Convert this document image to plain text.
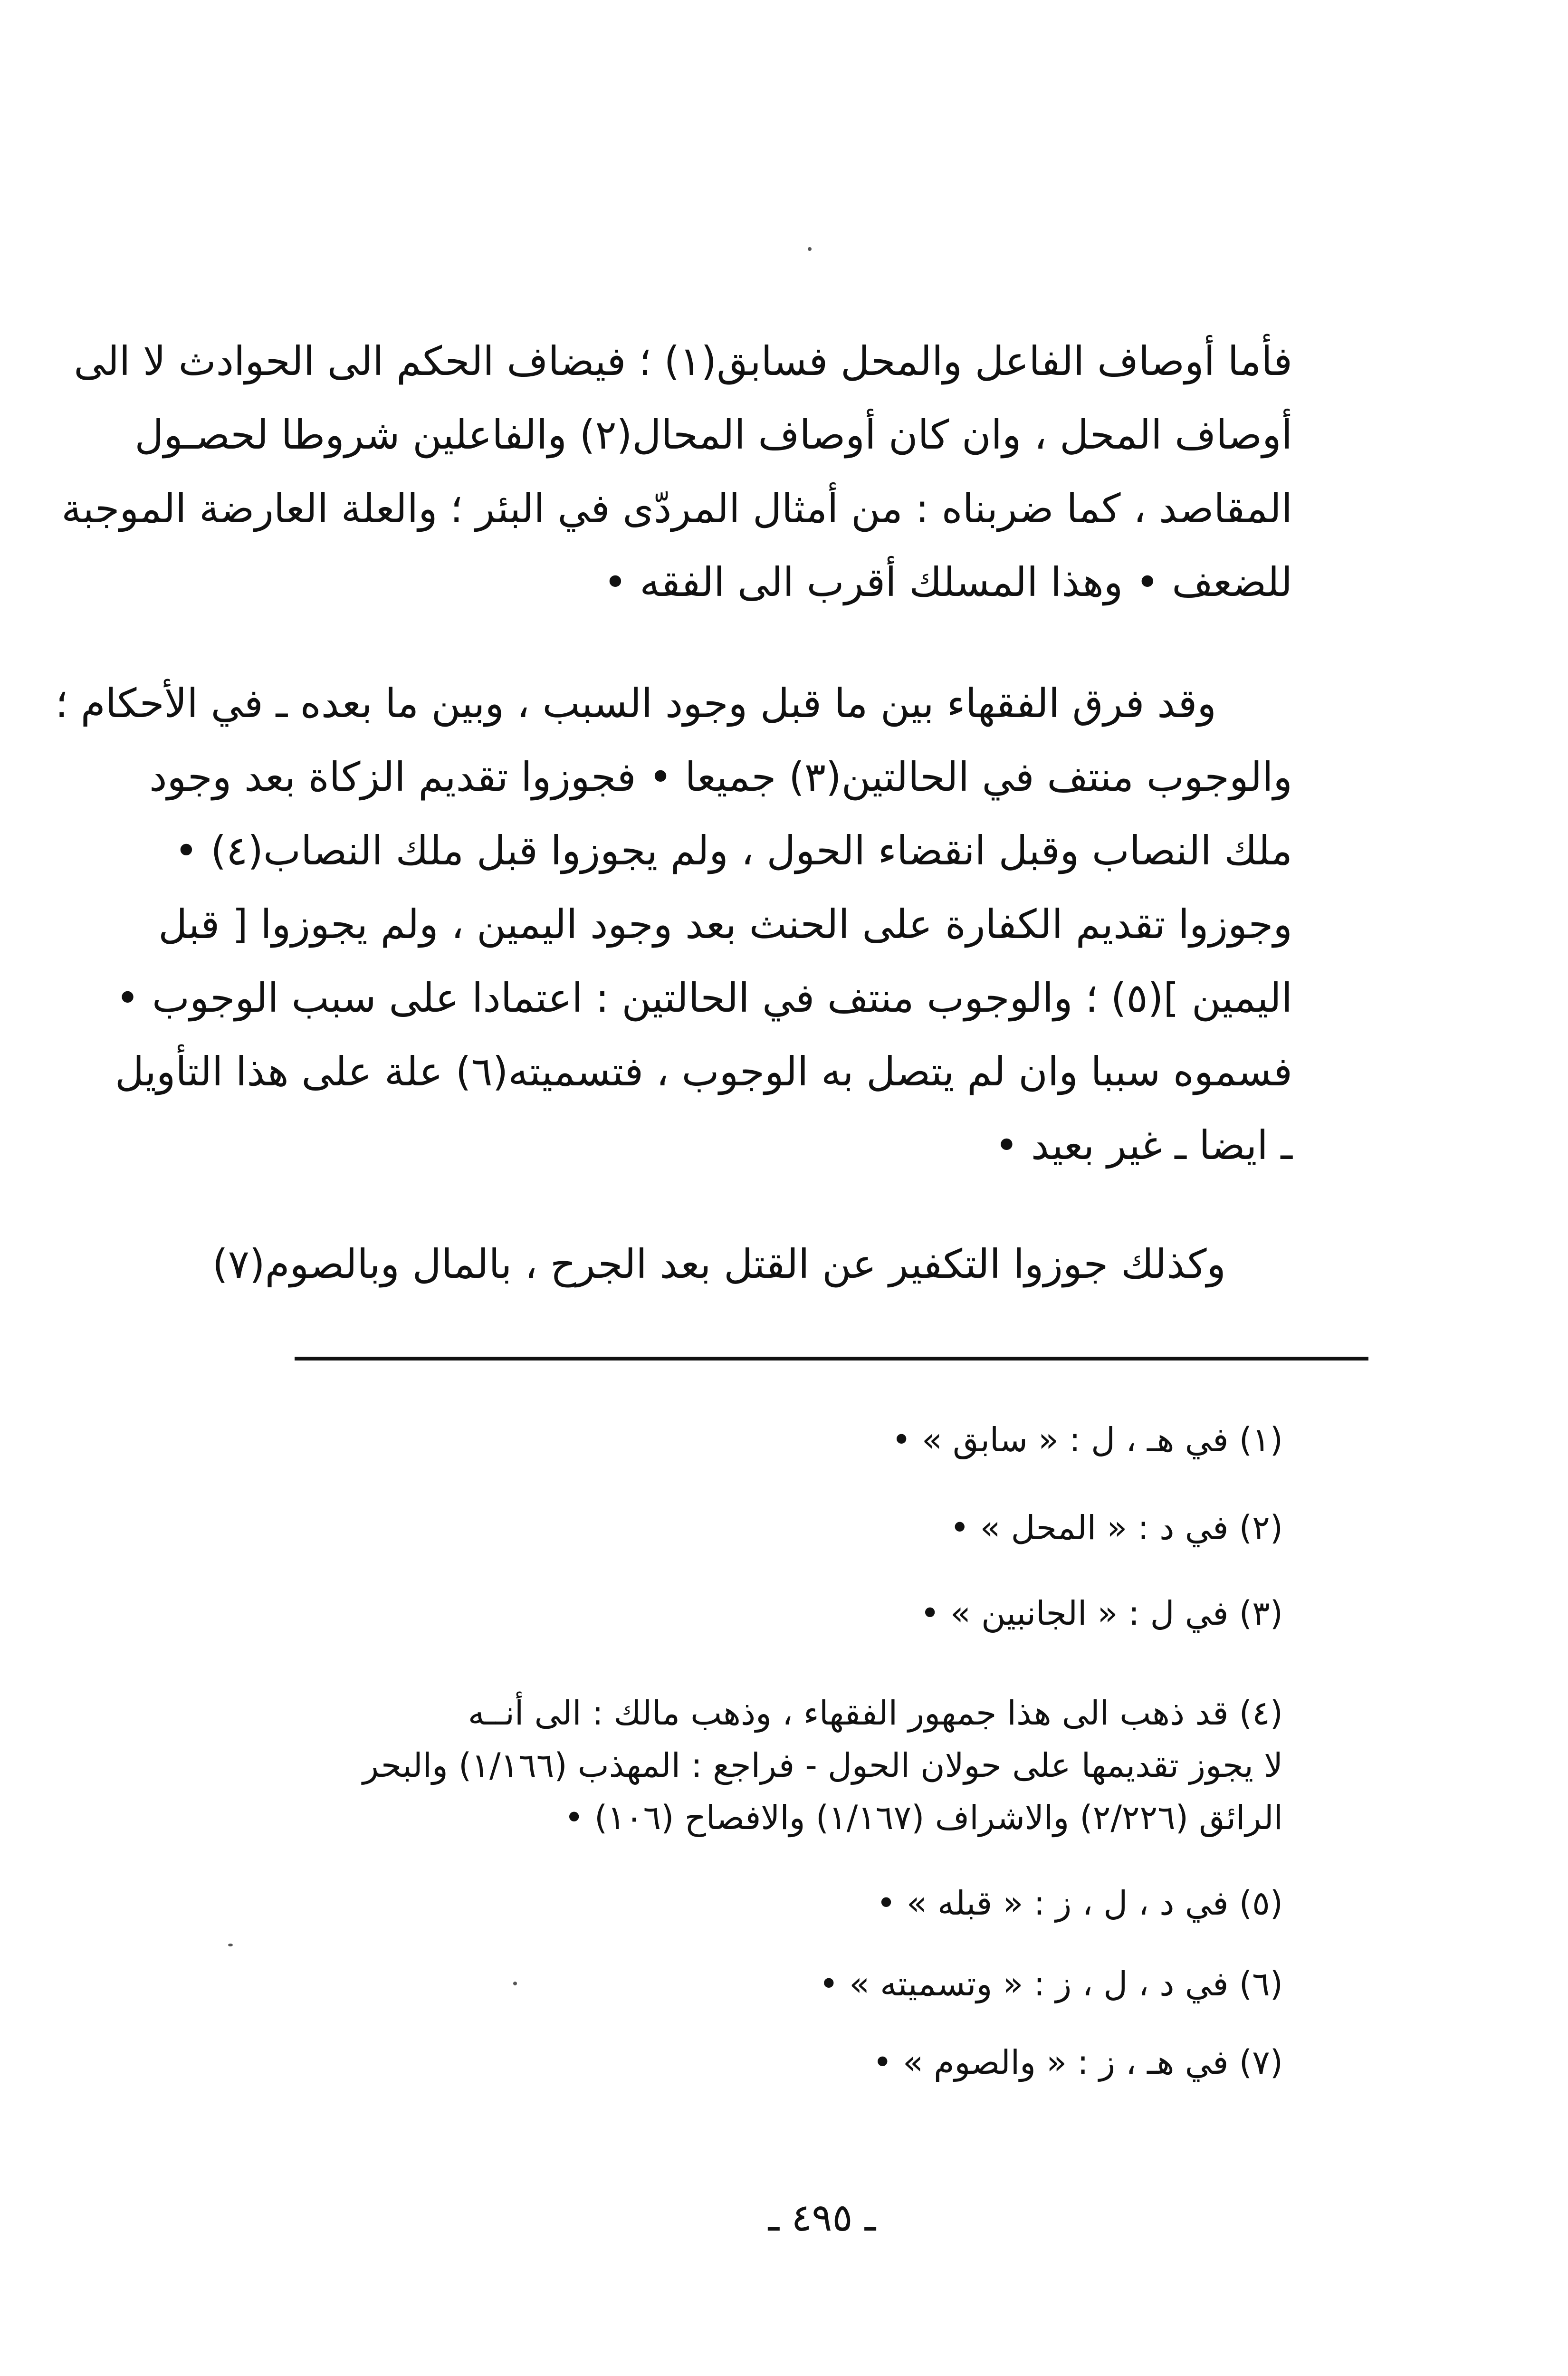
فأما أوصاف الفاعل والمحل فسابق(١) ؛ فيضاف الحكم الى الحوادث لا الى
أوصاف المحل ، وان كان أوصاف المحال(٢) والفاعلين شروطا لحصـول
المقاصد ، كما ضربناه : من أمثال المردّى في البئر ؛ والعلة العارضة الموجبة
للضعف • وهذا المسلك أقرب الى الفقه •
وقد فرق الفقهاء بين ما قبل وجود السبب ، وبين ما بعده ـ في الأحكام ؛
والوجوب منتف في الحالتين(٣) جميعا • فجوزوا تقديم الزكاة بعد وجود
ملك النصاب وقبل انقضاء الحول ، ولم يجوزوا قبل ملك النصاب(٤) •
وجوزوا تقديم الكفارة على الحنث بعد وجود اليمين ، ولم يجوزوا [ قبل
اليمين ](٥) ؛ والوجوب منتف في الحالتين : اعتمادا على سبب الوجوب •
فسموه سببا وان لم يتصل به الوجوب ، فتسميته(٦) علة على هذا التأويل
ـ ايضا ـ غير بعيد •
وكذلك جوزوا التكفير عن القتل بعد الجرح ، بالمال وبالصوم(٧)
(١) في هـ ، ل : « سابق » •
(٢) في د : « المحل » •
(٣) في ل : « الجانبين » •
(٤) قد ذهب الى هذا جمهور الفقهاء ، وذهب مالك : الى أنــه
لا يجوز تقديمها على حولان الحول - فراجع : المهذب (١/١٦٦) والبحر
الرائق (٢/٢٢٦) والاشراف (١/١٦٧) والافصاح (١٠٦) •
(٥) في د ، ل ، ز : « قبله » •
(٦) في د ، ل ، ز : « وتسميته » •
(٧) في هـ ، ز : « والصوم » •
ـ ٤٩٥ ـ
